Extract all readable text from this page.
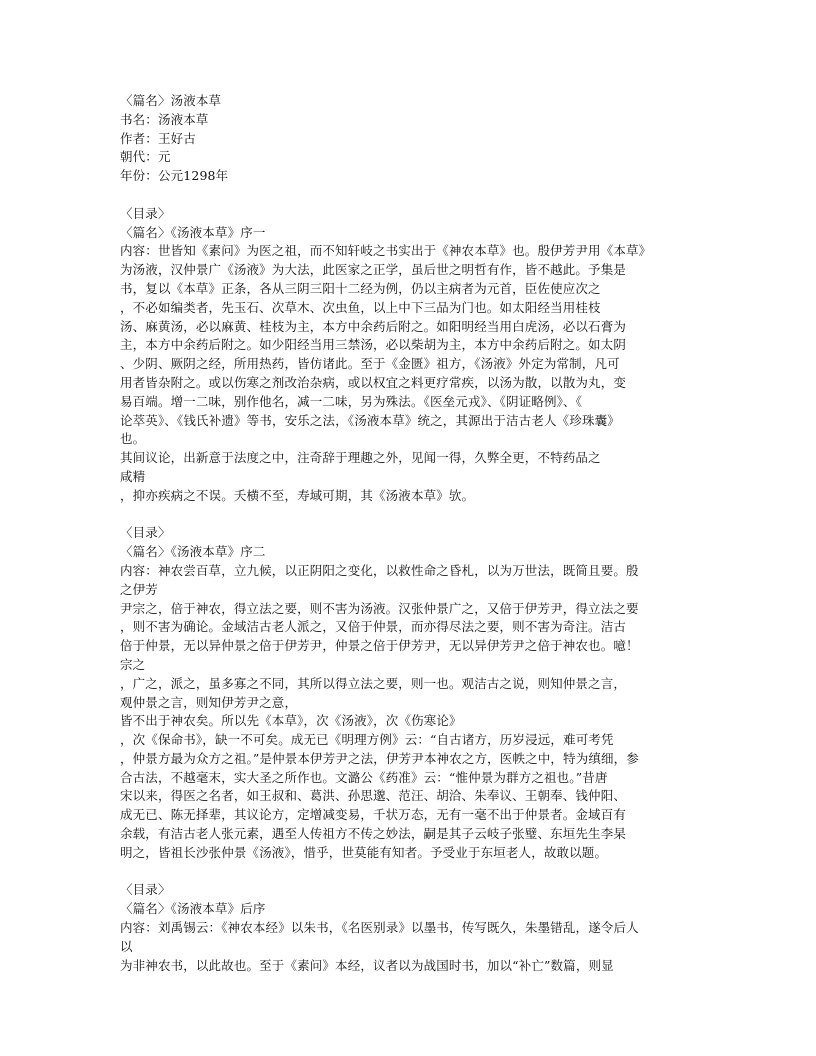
〈篇名〉汤液本草

书名：汤液本草

作者：王好古

朝代：元

年份：公元1298年

〈目录〉

〈篇名〉《汤液本草》序一

内容：世皆知《素问》为医之祖，而不知轩岐之书实出于《神农本草》也。殷伊芳尹用《本草》

为汤液，汉仲景广《汤液》为大法，此医家之正学，虽后世之明哲有作，皆不越此。予集是

书，复以《本草》正条，各从三阴三阳十二经为例，仍以主病者为元首，臣佐使应次之

，不必如编类者，先玉石、次草木、次虫鱼，以上中下三品为门也。如太阳经当用桂枝

汤、麻黄汤，必以麻黄、桂枝为主，本方中余药后附之。如阳明经当用白虎汤，必以石膏为

主，本方中余药后附之。如少阳经当用三禁汤，必以柴胡为主，本方中余药后附之。如太阴

、少阴、厥阴之经，所用热药，皆仿诸此。至于《金匮》祖方，《汤液》外定为常制，凡可

用者皆杂附之。或以伤寒之剂改治杂病，或以权宜之料更疗常疾，以汤为散，以散为丸，变

易百端。增一二味，别作他名，减一二味，另为殊法。《医垒元戎》、《阴证略例》、《

论萃英》、《钱氏补遗》等书，安乐之法，《汤液本草》统之，其源出于洁古老人《珍珠囊》

也。

其间议论，出新意于法度之中，注奇辞于理趣之外，见闻一得，久弊全更，不特药品之

咸精

，抑亦疾病之不误。夭横不至，寿域可期，其《汤液本草》欤。

〈目录〉

〈篇名〉《汤液本草》序二

内容：神农尝百草，立九候，以正阴阳之变化，以救性命之昏札，以为万世法，既简且要。殷

之伊芳

尹宗之，倍于神农，得立法之要，则不害为汤液。汉张仲景广之，又倍于伊芳尹，得立法之要

，则不害为确论。金域洁古老人派之，又倍于仲景，而亦得尽法之要，则不害为奇注。洁古

倍于仲景，无以异仲景之倍于伊芳尹，仲景之倍于伊芳尹，无以异伊芳尹之倍于神农也。噫！

宗之

，广之，派之，虽多寡之不同，其所以得立法之要，则一也。观洁古之说，则知仲景之言，

观仲景之言，则知伊芳尹之意，

皆不出于神农矣。所以先《本草》，次《汤液》，次《伤寒论》

，次《保命书》，缺一不可矣。成无已《明理方例》云：“自古诸方，历岁浸远，难可考凭

，仲景方最为众方之祖。”是仲景本伊芳尹之法，伊芳尹本神农之方，医帙之中，特为缜细，参

合古法，不越毫末，实大圣之所作也。文潞公《药准》云：“惟仲景为群方之祖也。”昔唐

宋以来，得医之名者，如王叔和、葛洪、孙思邈、范汪、胡洽、朱奉议、王朝奉、钱仲阳、

成无已、陈无择辈，其议论方，定增减变易，千状万态，无有一毫不出于仲景者。金域百有

余载，有洁古老人张元素，遇至人传祖方不传之妙法，嗣是其子云岐子张璧、东垣先生李杲

明之，皆祖长沙张仲景《汤液》，惜乎，世莫能有知者。予受业于东垣老人，故敢以题。

〈目录〉

〈篇名〉《汤液本草》后序

内容：刘禹锡云：《神农本经》以朱书，《名医别录》以墨书，传写既久，朱墨错乱，遂令后人

以

为非神农书，以此故也。至于《素问》本经，议者以为战国时书，加以“补亡”数篇，则显
